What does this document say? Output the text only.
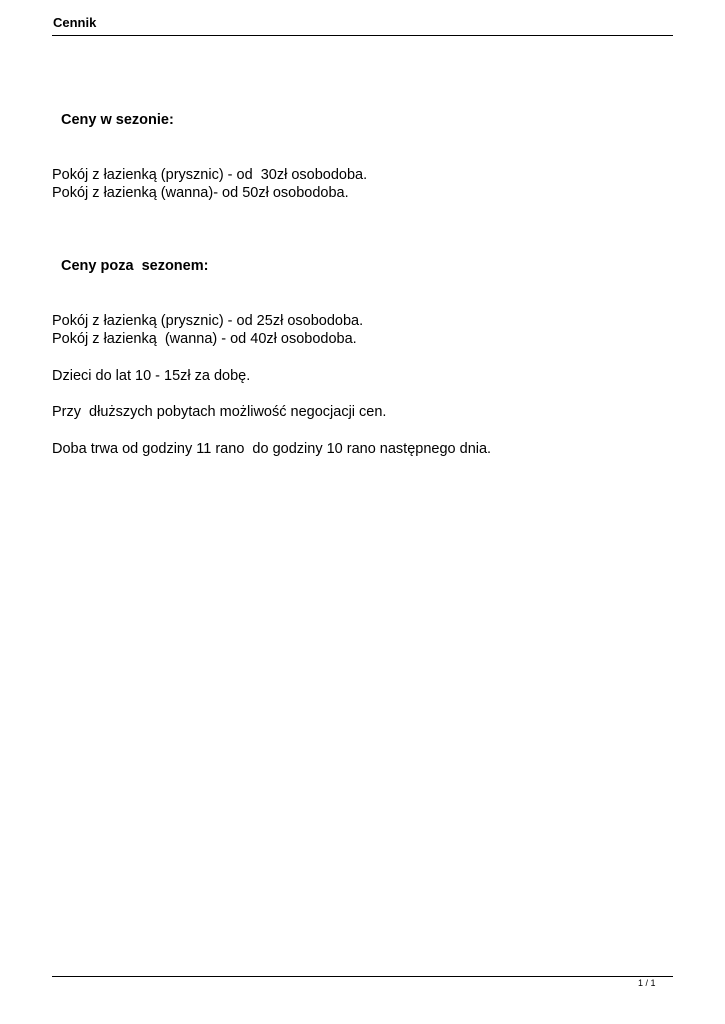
Cennik
Ceny w sezonie:
Pokój z łazienką (prysznic) - od  30zł osobodoba.
Pokój z łazienką (wanna)- od 50zł osobodoba.
Ceny poza  sezonem:
Pokój z łazienką (prysznic) - od 25zł osobodoba.
Pokój z łazienką  (wanna) - od 40zł osobodoba.
Dzieci do lat 10 - 15zł za dobę.
Przy  dłuższych pobytach możliwość negocjacji cen.
Doba trwa od godziny 11 rano  do godziny 10 rano następnego dnia.
1 / 1
